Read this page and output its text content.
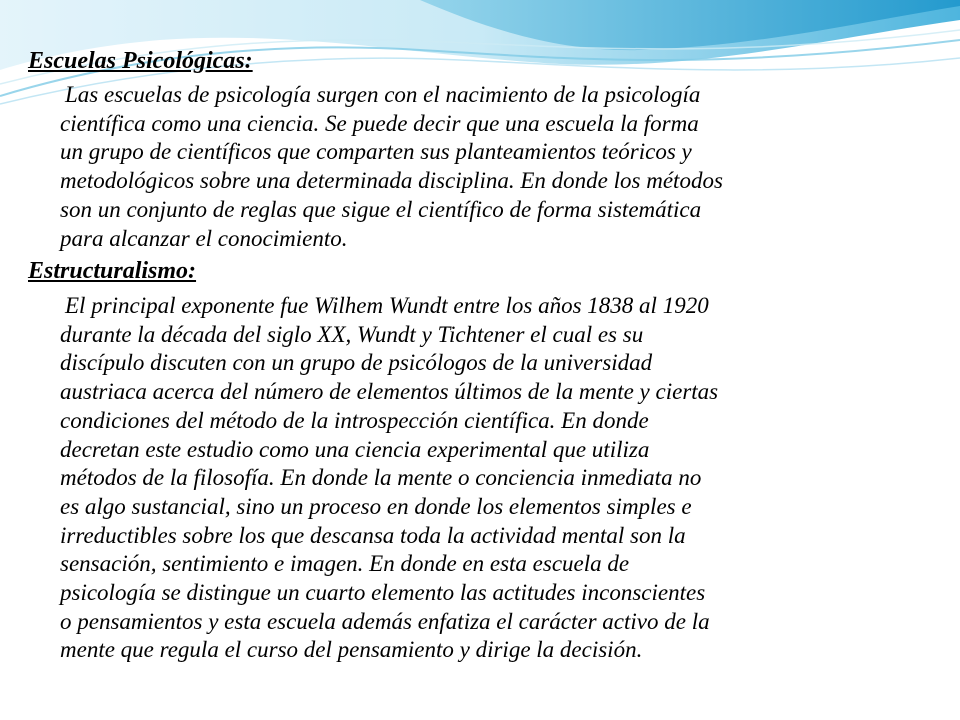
Escuelas Psicológicas:
Las escuelas de psicología surgen con el nacimiento de la psicología
científica como una ciencia. Se puede decir que una escuela la forma
un grupo de científicos que comparten sus planteamientos teóricos y
metodológicos sobre una determinada disciplina. En donde los métodos
son un conjunto de reglas que sigue el científico de forma sistemática
para alcanzar el conocimiento.
Estructuralismo:
El principal exponente fue Wilhem Wundt entre los años 1838 al 1920
durante la década del siglo XX, Wundt y Tichtener el cual es su
discípulo discuten con un grupo de psicólogos de la universidad
austriaca acerca del número de elementos últimos de la mente y ciertas
condiciones del método de la introspección científica. En donde
decretan este estudio como una ciencia experimental que utiliza
métodos de la filosofía. En donde la mente o conciencia inmediata no
es algo sustancial, sino un proceso en donde los elementos simples e
irreductibles sobre los que descansa toda la actividad mental son la
sensación, sentimiento e imagen. En donde en esta escuela de
psicología se distingue un cuarto elemento las actitudes inconscientes
o pensamientos y esta escuela además enfatiza el carácter activo de la
mente que regula el curso del pensamiento y dirige la decisión.
